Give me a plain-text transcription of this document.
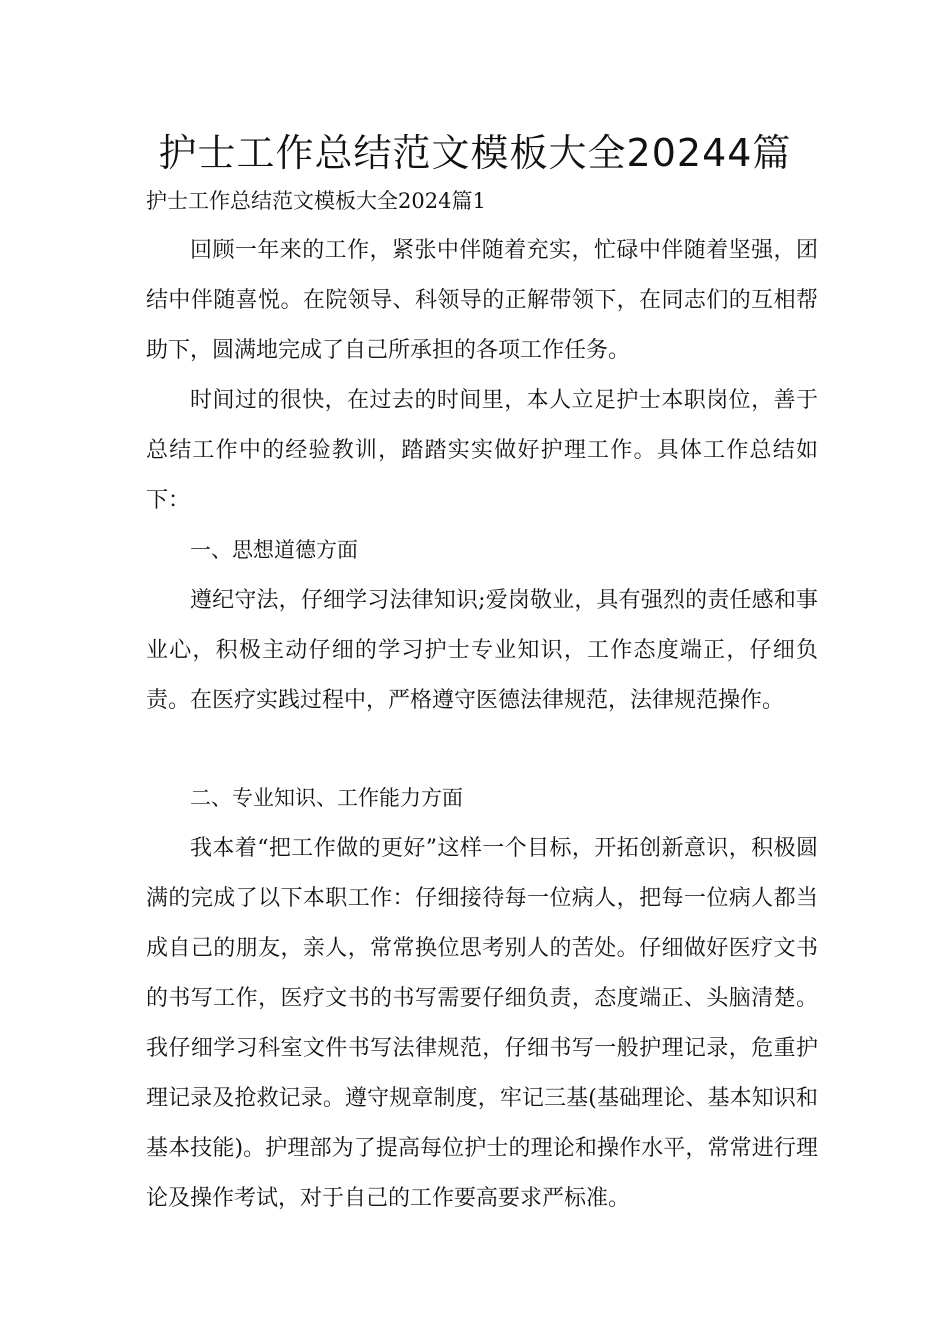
护士工作总结范文模板大全20244篇

护士工作总结范文模板大全2024篇1

回顾一年来的工作，紧张中伴随着充实，忙碌中伴随着坚强，团结中伴随喜悦。在院领导、科领导的正解带领下，在同志们的互相帮助下，圆满地完成了自己所承担的各项工作任务。

时间过的很快，在过去的时间里，本人立足护士本职岗位，善于总结工作中的经验教训，踏踏实实做好护理工作。具体工作总结如下：

一、思想道德方面

遵纪守法，仔细学习法律知识;爱岗敬业，具有强烈的责任感和事业心，积极主动仔细的学习护士专业知识，工作态度端正，仔细负责。在医疗实践过程中，严格遵守医德法律规范，法律规范操作。

二、专业知识、工作能力方面

我本着“把工作做的更好”这样一个目标，开拓创新意识，积极圆满的完成了以下本职工作：仔细接待每一位病人，把每一位病人都当成自己的朋友，亲人，常常换位思考别人的苦处。仔细做好医疗文书的书写工作，医疗文书的书写需要仔细负责，态度端正、头脑清楚。我仔细学习科室文件书写法律规范，仔细书写一般护理记录，危重护理记录及抢救记录。遵守规章制度，牢记三基(基础理论、基本知识和基本技能)。护理部为了提高每位护士的理论和操作水平，常常进行理论及操作考试，对于自己的工作要高要求严标准。
